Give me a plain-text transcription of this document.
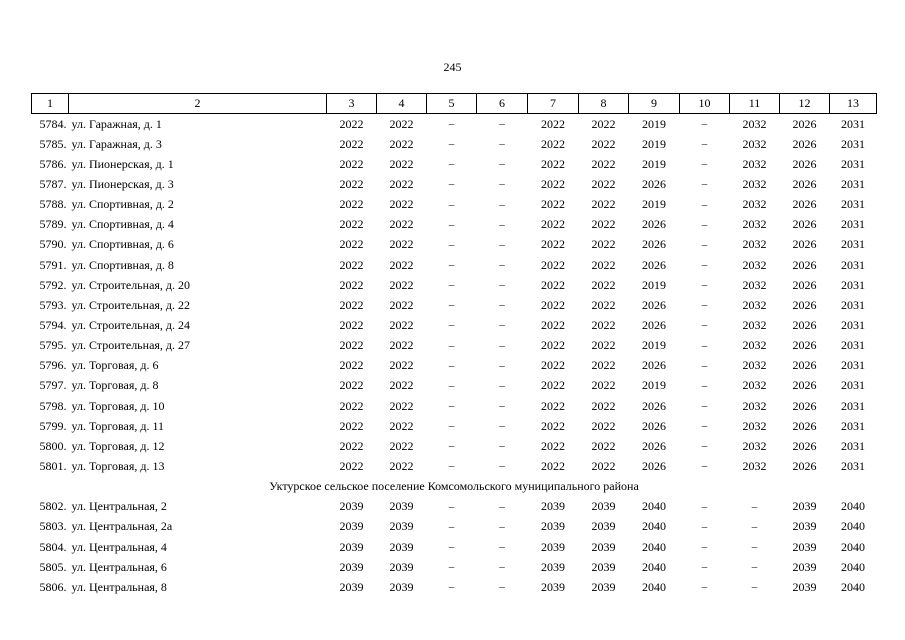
245
1	2	3	4	5	6	7	8	9	10	11	12	13
5784.	ул. Гаражная, д. 1	2022	2022	–	–	2022	2022	2019	–	2032	2026	2031
5785.	ул. Гаражная, д. 3	2022	2022	–	–	2022	2022	2019	–	2032	2026	2031
5786.	ул. Пионерская, д. 1	2022	2022	–	–	2022	2022	2019	–	2032	2026	2031
5787.	ул. Пионерская, д. 3	2022	2022	–	–	2022	2022	2026	–	2032	2026	2031
5788.	ул. Спортивная, д. 2	2022	2022	–	–	2022	2022	2019	–	2032	2026	2031
5789.	ул. Спортивная, д. 4	2022	2022	–	–	2022	2022	2026	–	2032	2026	2031
5790.	ул. Спортивная, д. 6	2022	2022	–	–	2022	2022	2026	–	2032	2026	2031
5791.	ул. Спортивная, д. 8	2022	2022	–	–	2022	2022	2026	–	2032	2026	2031
5792.	ул. Строительная, д. 20	2022	2022	–	–	2022	2022	2019	–	2032	2026	2031
5793.	ул. Строительная, д. 22	2022	2022	–	–	2022	2022	2026	–	2032	2026	2031
5794.	ул. Строительная, д. 24	2022	2022	–	–	2022	2022	2026	–	2032	2026	2031
5795.	ул. Строительная, д. 27	2022	2022	–	–	2022	2022	2019	–	2032	2026	2031
5796.	ул. Торговая, д. 6	2022	2022	–	–	2022	2022	2026	–	2032	2026	2031
5797.	ул. Торговая, д. 8	2022	2022	–	–	2022	2022	2019	–	2032	2026	2031
5798.	ул. Торговая, д. 10	2022	2022	–	–	2022	2022	2026	–	2032	2026	2031
5799.	ул. Торговая, д. 11	2022	2022	–	–	2022	2022	2026	–	2032	2026	2031
5800.	ул. Торговая, д. 12	2022	2022	–	–	2022	2022	2026	–	2032	2026	2031
5801.	ул. Торговая, д. 13	2022	2022	–	–	2022	2022	2026	–	2032	2026	2031
Уктурское сельское поселение Комсомольского муниципального района												
5802.	ул. Центральная, 2	2039	2039	–	–	2039	2039	2040	–	–	2039	2040
5803.	ул. Центральная, 2а	2039	2039	–	–	2039	2039	2040	–	–	2039	2040
5804.	ул. Центральная, 4	2039	2039	–	–	2039	2039	2040	–	–	2039	2040
5805.	ул. Центральная, 6	2039	2039	–	–	2039	2039	2040	–	–	2039	2040
5806.	ул. Центральная, 8	2039	2039	–	–	2039	2039	2040	–	–	2039	2040
